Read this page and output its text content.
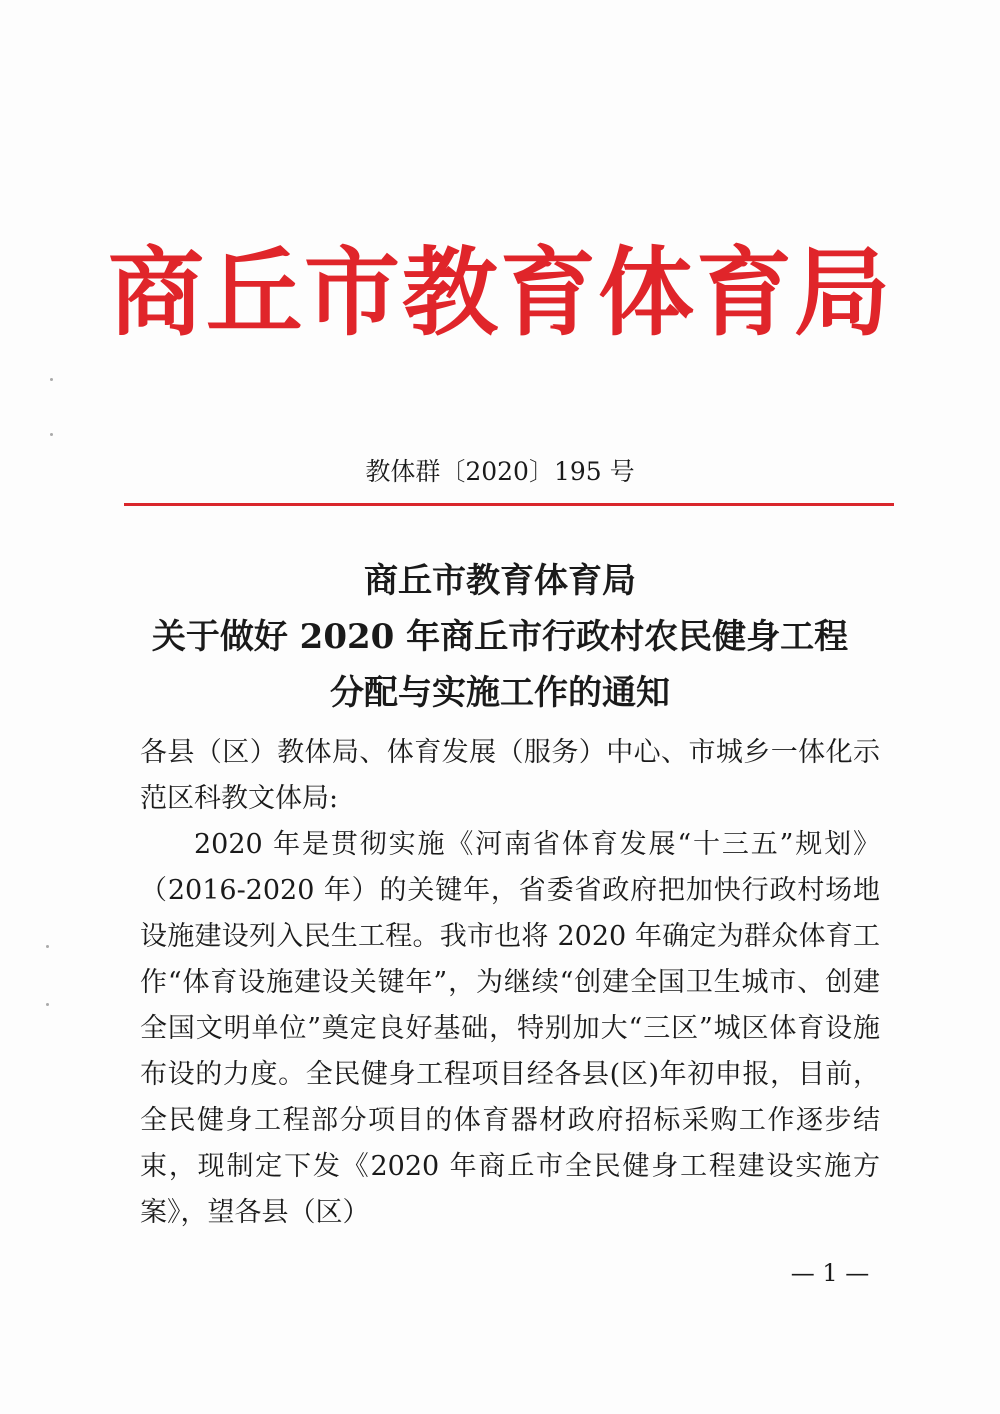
商丘市教育体育局
教体群〔2020〕195 号
商丘市教育体育局
关于做好 2020 年商丘市行政村农民健身工程
分配与实施工作的通知

各县（区）教体局、体育发展（服务）中心、市城乡一体化示范区科教文体局:

2020 年是贯彻实施《河南省体育发展“十三五”规划》（2016-2020 年）的关键年，省委省政府把加快行政村场地设施建设列入民生工程。我市也将 2020 年确定为群众体育工作“体育设施建设关键年”，为继续“创建全国卫生城市、创建全国文明单位”奠定良好基础，特别加大“三区”城区体育设施布设的力度。全民健身工程项目经各县(区)年初申报，目前，全民健身工程部分项目的体育器材政府招标采购工作逐步结束，现制定下发《2020 年商丘市全民健身工程建设实施方案》，望各县（区）

— 1 —
